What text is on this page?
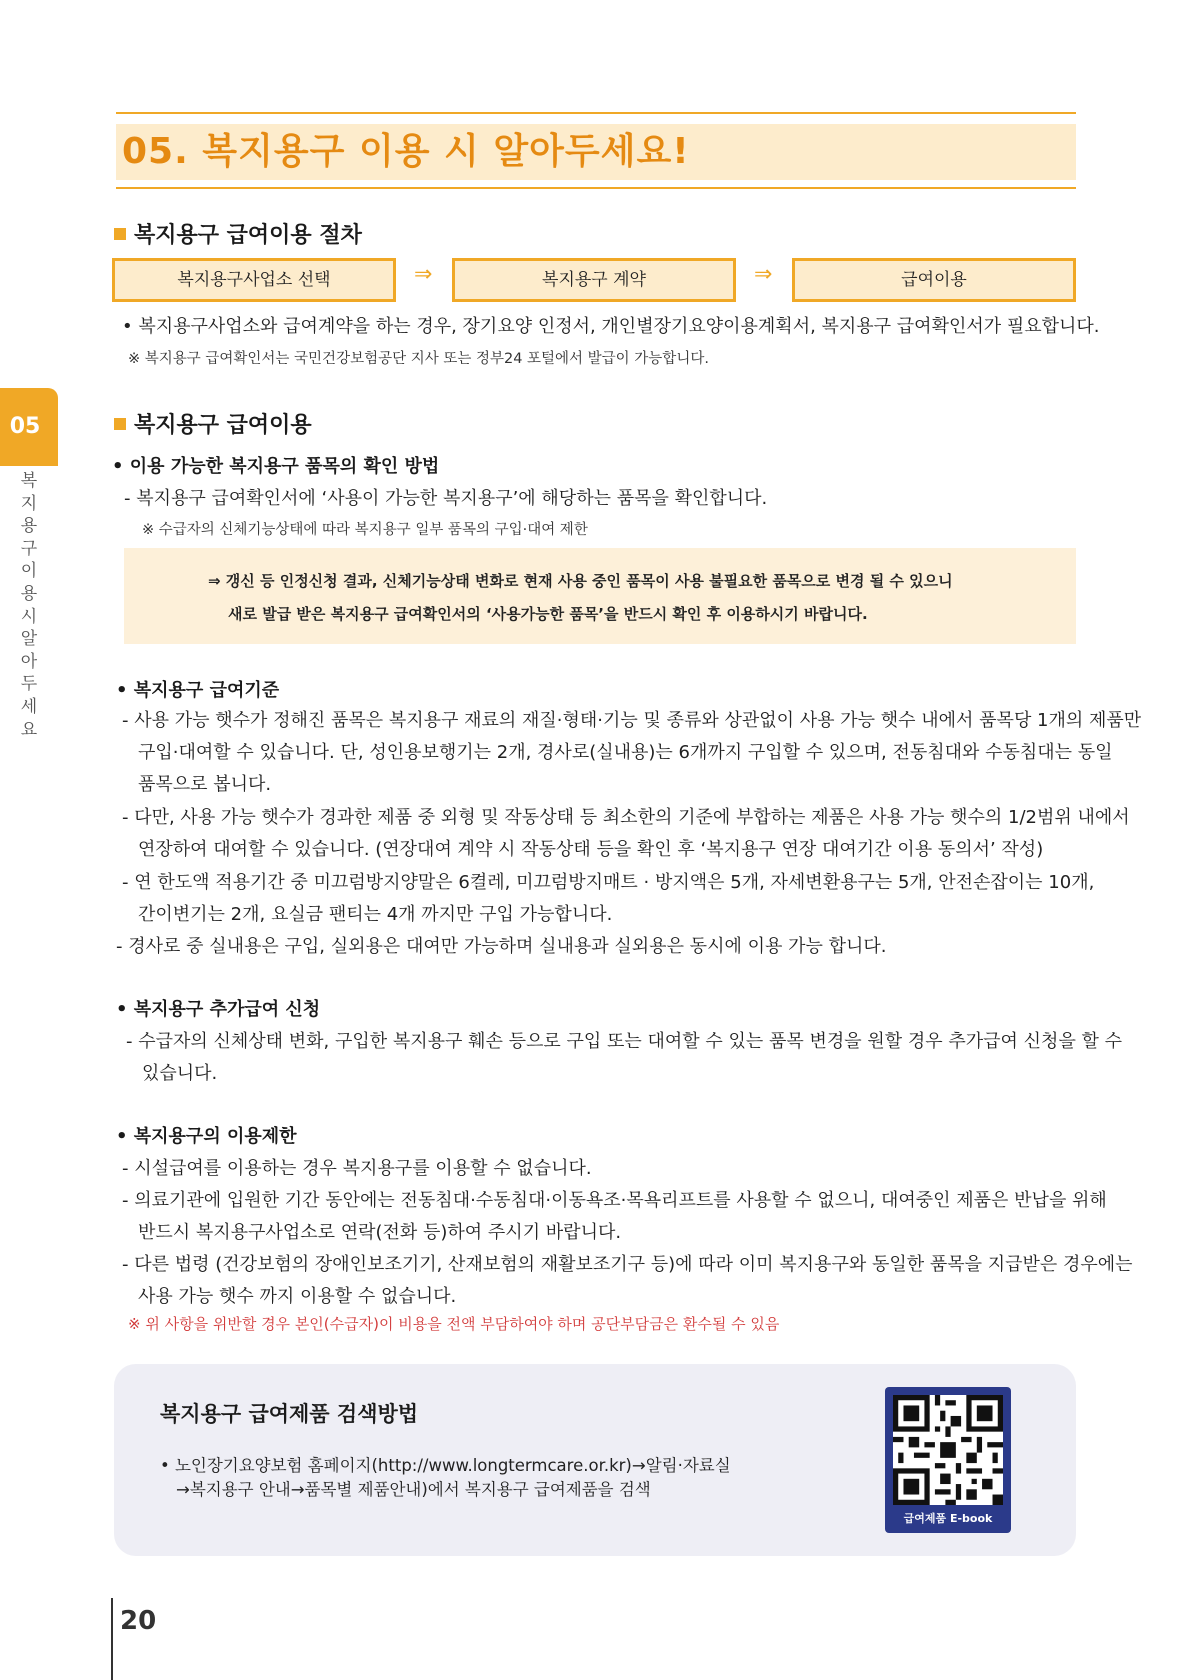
05. 복지용구 이용 시 알아두세요!
05
복지용구 이용 시 알아두세요
복지용구 급여이용 절차
복지용구사업소 선택	⇒	복지용구 계약	⇒	급여이용
• 복지용구사업소와 급여계약을 하는 경우, 장기요양 인정서, 개인별장기요양이용계획서, 복지용구 급여확인서가 필요합니다.
※ 복지용구 급여확인서는 국민건강보험공단 지사 또는 정부24 포털에서 발급이 가능합니다.
복지용구 급여이용
• 이용 가능한 복지용구 품목의 확인 방법
- 복지용구 급여확인서에 ‘사용이 가능한 복지용구’에 해당하는 품목을 확인합니다.
※ 수급자의 신체기능상태에 따라 복지용구 일부 품목의 구입·대여 제한
⇒ 갱신 등 인정신청 결과, 신체기능상태 변화로 현재 사용 중인 품목이 사용 불필요한 품목으로 변경 될 수 있으니
새로 발급 받은 복지용구 급여확인서의 ‘사용가능한 품목’을 반드시 확인 후 이용하시기 바랍니다.
• 복지용구 급여기준
- 사용 가능 햇수가 정해진 품목은 복지용구 재료의 재질·형태·기능 및 종류와 상관없이 사용 가능 햇수 내에서 품목당 1개의 제품만
구입·대여할 수 있습니다. 단, 성인용보행기는 2개, 경사로(실내용)는 6개까지 구입할 수 있으며, 전동침대와 수동침대는 동일
품목으로 봅니다.
- 다만, 사용 가능 햇수가 경과한 제품 중 외형 및 작동상태 등 최소한의 기준에 부합하는 제품은 사용 가능 햇수의 1/2범위 내에서
연장하여 대여할 수 있습니다. (연장대여 계약 시 작동상태 등을 확인 후 ‘복지용구 연장 대여기간 이용 동의서’ 작성)
- 연 한도액 적용기간 중 미끄럼방지양말은 6켤레, 미끄럼방지매트 · 방지액은 5개, 자세변환용구는 5개, 안전손잡이는 10개,
간이변기는 2개, 요실금 팬티는 4개 까지만 구입 가능합니다.
- 경사로 중 실내용은 구입, 실외용은 대여만 가능하며 실내용과 실외용은 동시에 이용 가능 합니다.
• 복지용구 추가급여 신청
- 수급자의 신체상태 변화, 구입한 복지용구 훼손 등으로 구입 또는 대여할 수 있는 품목 변경을 원할 경우 추가급여 신청을 할 수
있습니다.
• 복지용구의 이용제한
- 시설급여를 이용하는 경우 복지용구를 이용할 수 없습니다.
- 의료기관에 입원한 기간 동안에는 전동침대·수동침대·이동욕조·목욕리프트를 사용할 수 없으니, 대여중인 제품은 반납을 위해
반드시 복지용구사업소로 연락(전화 등)하여 주시기 바랍니다.
- 다른 법령 (건강보험의 장애인보조기기, 산재보험의 재활보조기구 등)에 따라 이미 복지용구와 동일한 품목을 지급받은 경우에는
사용 가능 햇수 까지 이용할 수 없습니다.
※ 위 사항을 위반할 경우 본인(수급자)이 비용을 전액 부담하여야 하며 공단부담금은 환수될 수 있음
복지용구 급여제품 검색방법
• 노인장기요양보험 홈페이지(http://www.longtermcare.or.kr)→알림·자료실
→복지용구 안내→품목별 제품안내)에서 복지용구 급여제품을 검색
급여제품 E-book
20
